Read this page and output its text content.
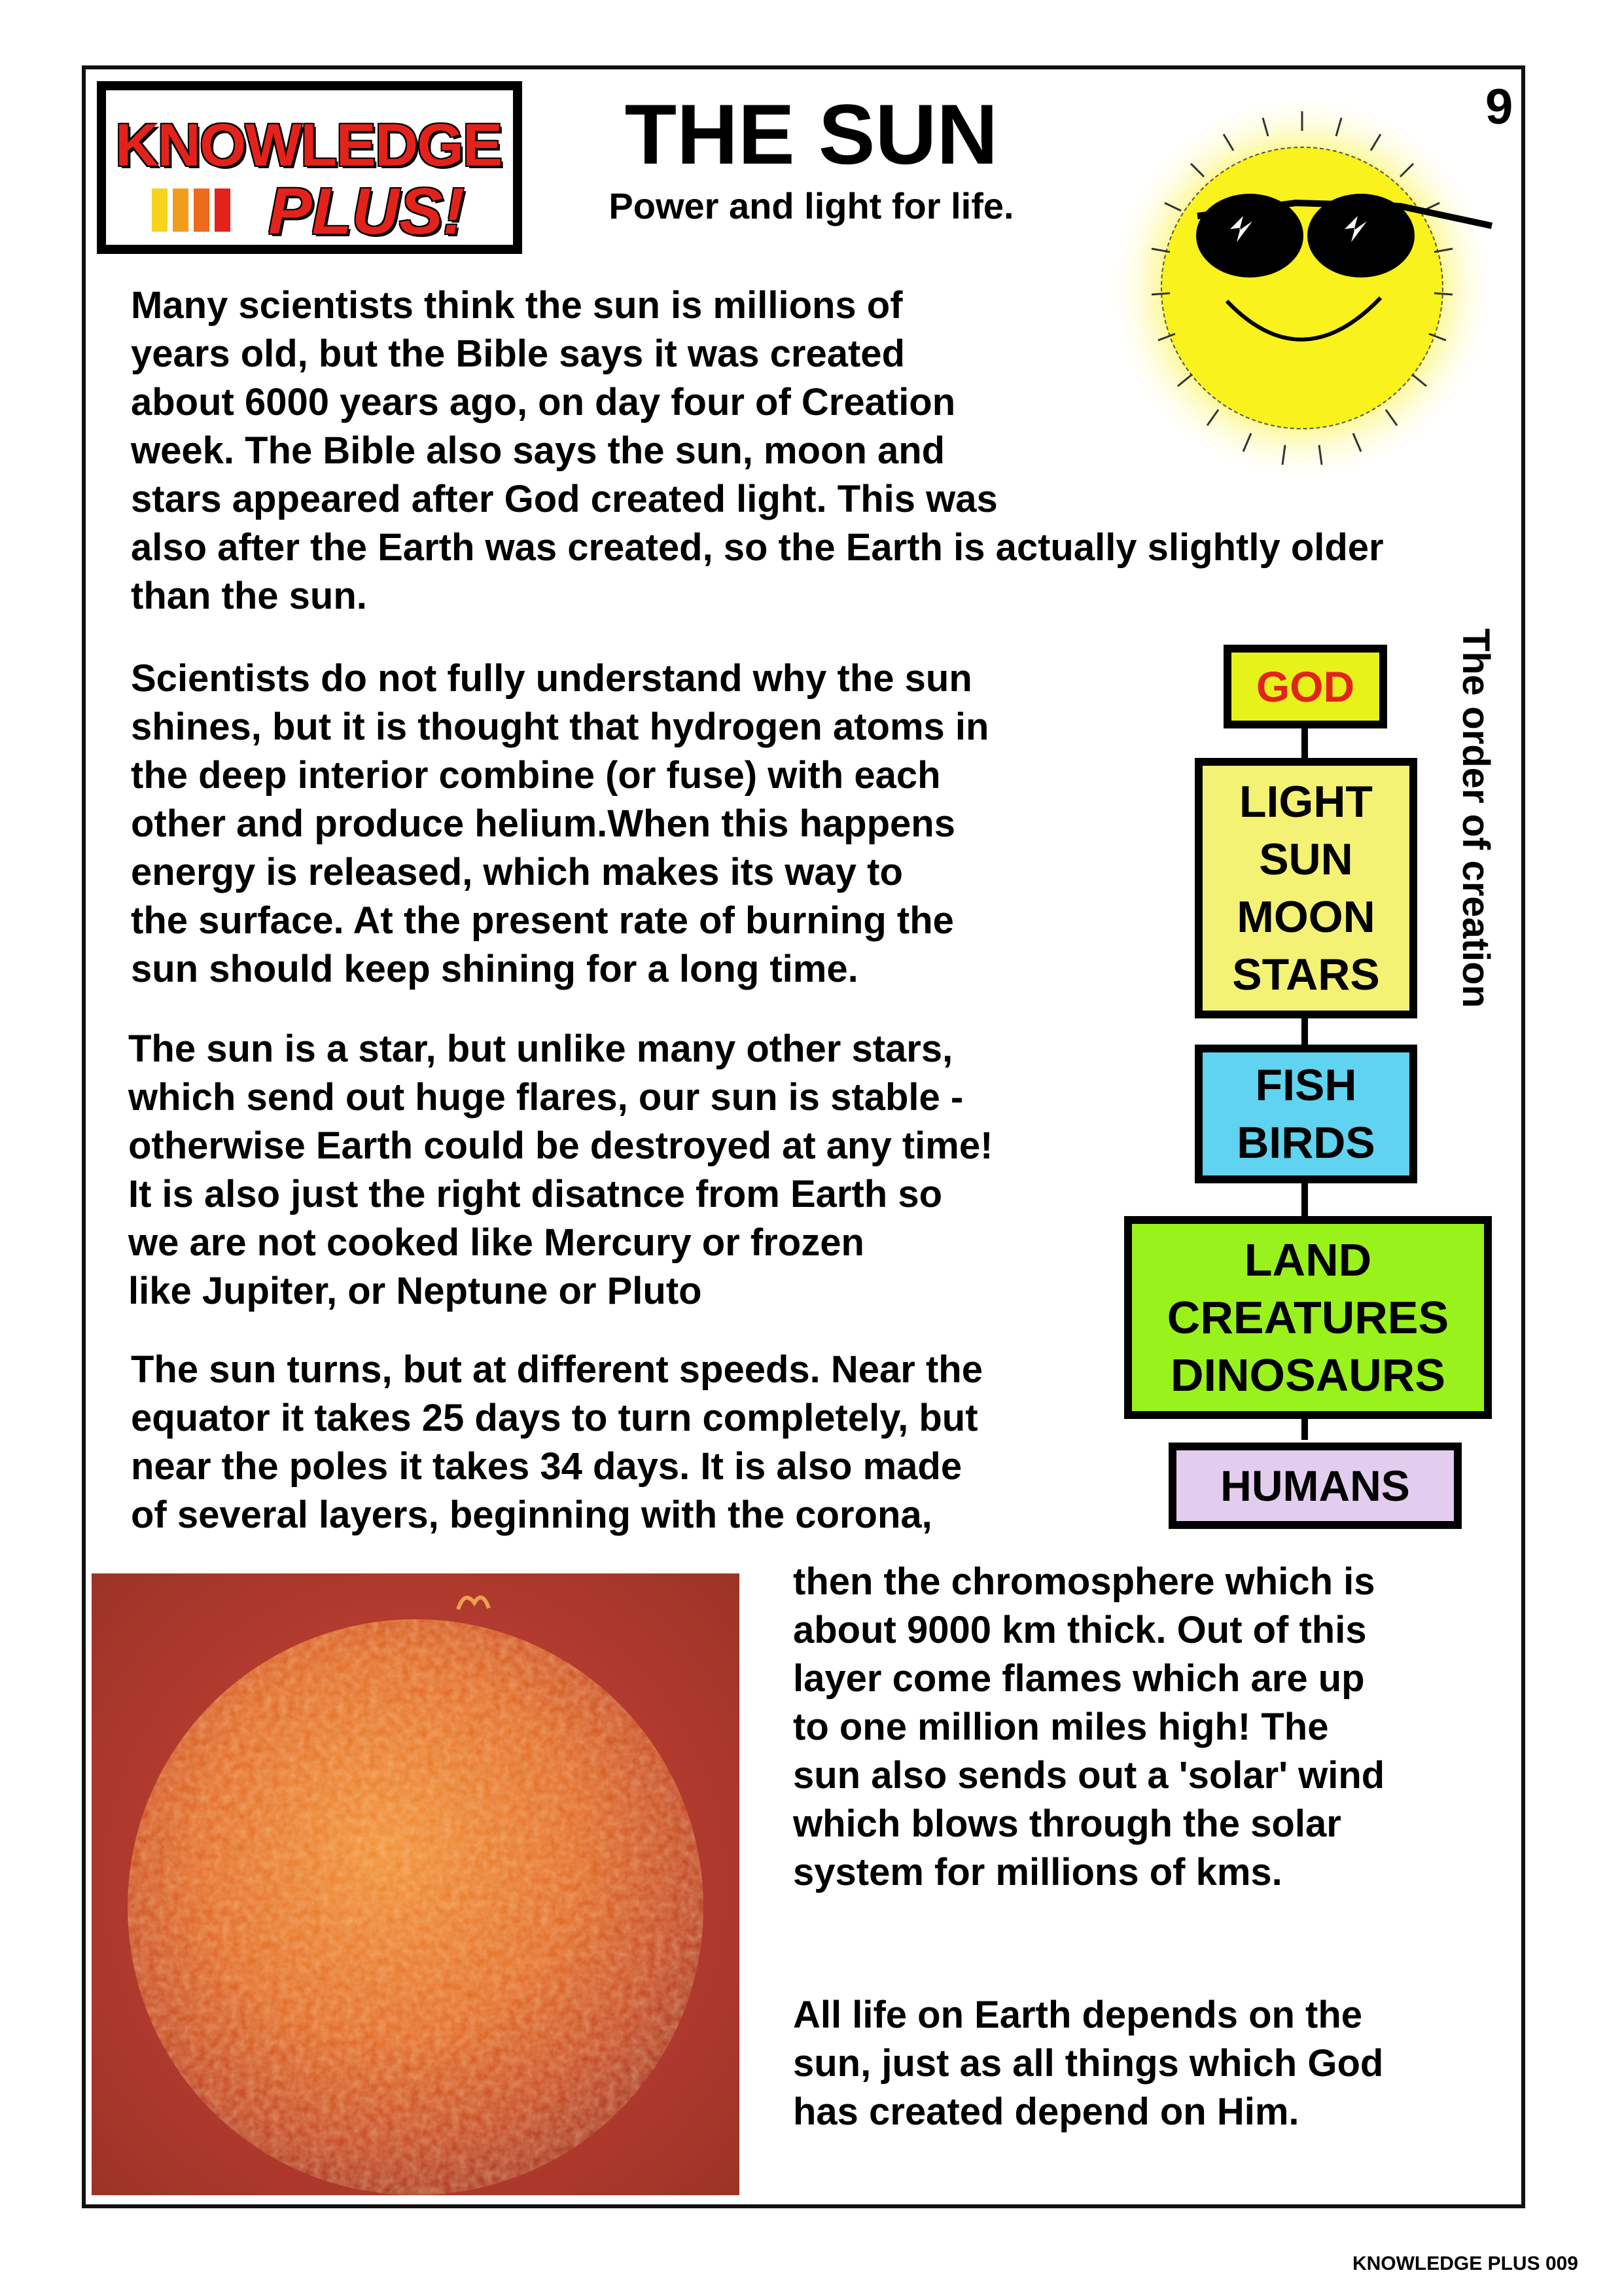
KNOWLEDGE
PLUS!
THE SUN
Power and light for life.
9
Many scientists think the sun is millions of
years old, but the Bible says it was created
about 6000 years ago, on day four of Creation
week. The Bible also says the sun, moon and
stars appeared after God created light. This was
also after the Earth was created, so the Earth is actually slightly older
than the sun.
Scientists do not fully understand why the sun
shines, but it is thought that hydrogen atoms in
the deep interior combine (or fuse) with each
other and produce helium.When this happens
energy is released, which makes its way to
the surface. At the present rate of burning the
sun should keep shining for a long time.
The sun is a star, but unlike many other stars,
which send out huge flares, our sun is stable -
otherwise Earth could be destroyed at any time!
It is also just the right disatnce from Earth so
we are not cooked like Mercury or frozen
like Jupiter, or Neptune or Pluto
The sun turns, but at different speeds. Near the
equator it takes 25 days to turn completely, but
near the poles it takes 34 days. It is also made
of several layers, beginning with the corona,
then the chromosphere which is
about 9000 km thick. Out of this
layer come flames which are up
to one million miles high! The
sun also sends out a 'solar' wind
which blows through the solar
system for millions of kms.
All life on Earth depends on the
sun, just as all things which God
has created depend on Him.
The order of creation
GOD
LIGHT
SUN
MOON
STARS
FISH
BIRDS
LAND
CREATURES
DINOSAURS
HUMANS
KNOWLEDGE PLUS 009
